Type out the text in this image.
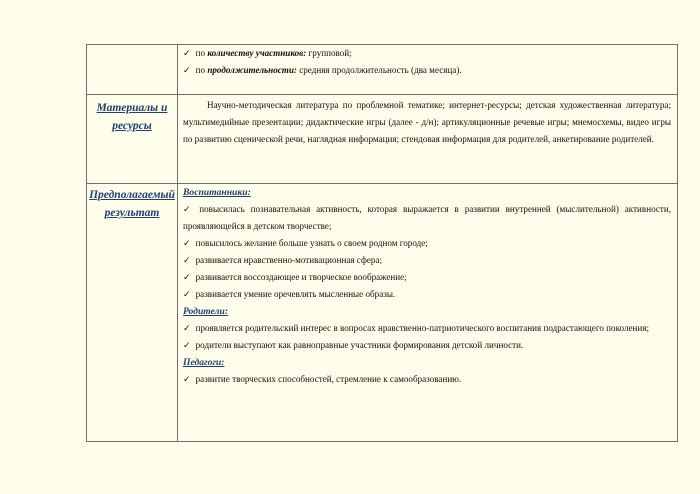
✓ по количеству участников: групповой;
✓ по продолжительности: средняя продолжительность (два месяца).
Материалы и ресурсы
Научно-методическая литература по проблемной тематике; интернет-ресурсы; детская художественная литература; мультимедийные презентации; дидактические игры (далее - д/н); артикуляционные речевые игры; мнемосхемы, видео игры по развитию сценической речи, наглядная информация; стендовая информация для родителей, анкетирование родителей.
Предполагаемый результат
Воспитанники:
✓ повысилась познавательная активность, которая выражается в развитии внутренней (мыслительной) активности, проявляющейся в детском творчестве;
✓ повысилось желание больше узнать о своем родном городе;
✓ развивается нравственно-мотивационная сфера;
✓ развивается воссоздающее и творческое воображение;
✓ развивается умение оречевлять мысленные образы.
Родители:
✓ проявляется родительский интерес в вопросах нравственно-патриотического воспитания подрастающего поколения;
✓ родители выступают как равноправные участники формирования детской личности.
Педагоги:
✓ развитие творческих способностей, стремление к самообразованию.
